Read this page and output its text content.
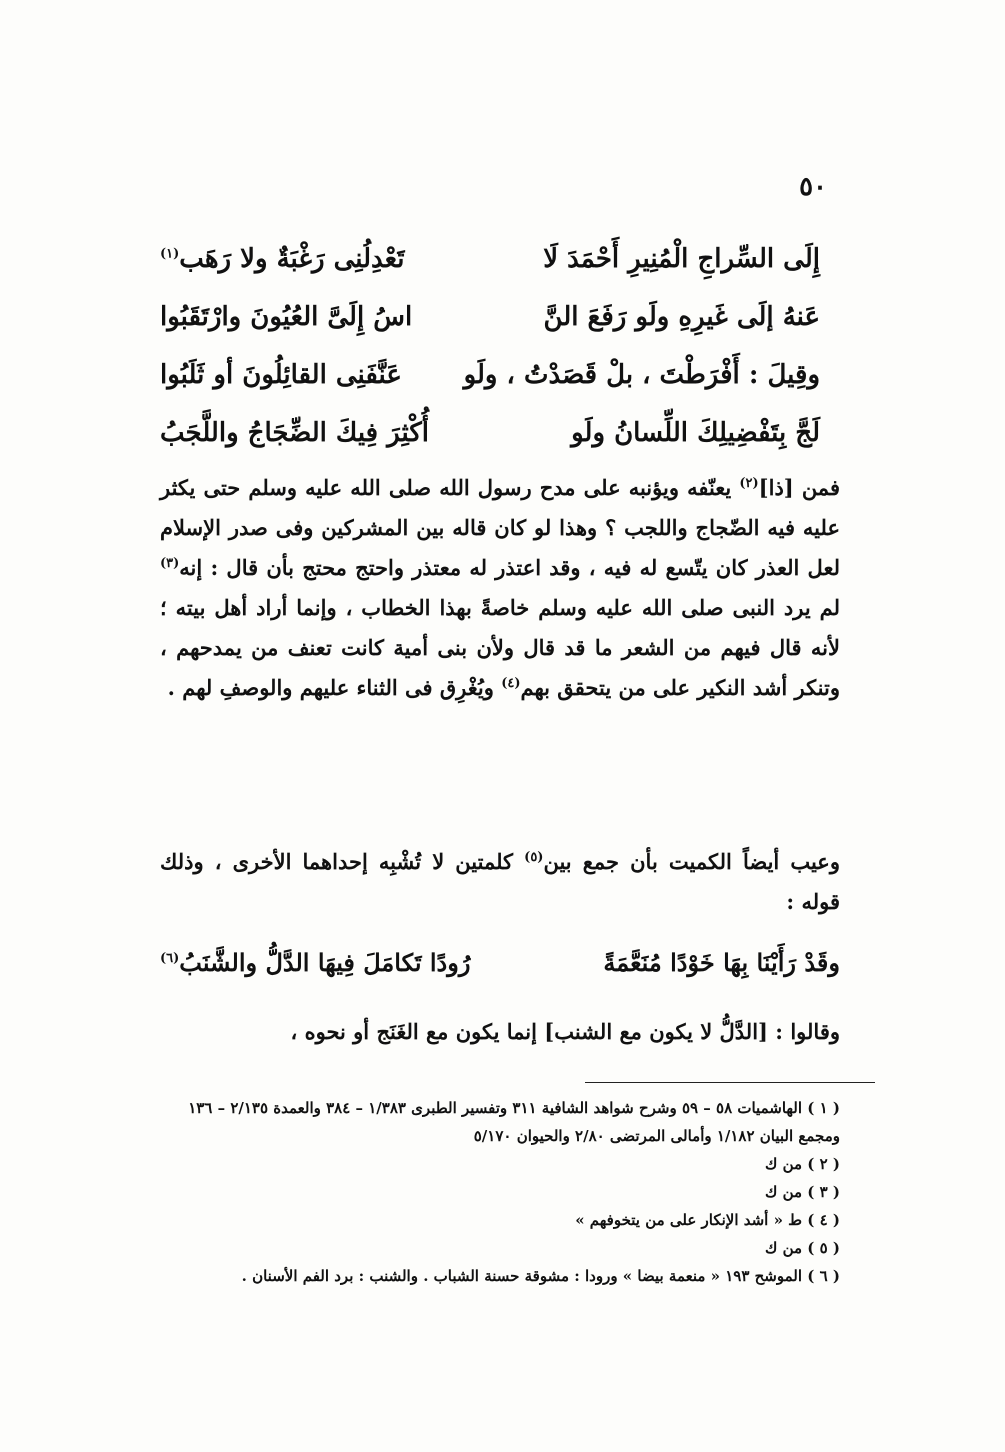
٥٠
إِلَى السِّراجِ الْمُنِيرِ أَحْمَدَ لَا
تَعْدِلُنِى رَغْبَةٌ ولا رَهَب$^{(١)}$
عَنهُ إلَى غَيرِهِ ولَو رَفَعَ النَّ
اسُ إِلَىَّ العُيُونَ وارْتَقَبُوا
وقِيلَ : أَفْرَطْتَ ، بلْ قَصَدْتُ ، ولَو
عَنَّفَنِى القائِلُونَ أو ثَلَبُوا
لَجَّ بِتَفْضِيلِكَ اللِّسانُ ولَو
أُكْثِرَ فِيكَ الضِّجَاجُ واللَّجَبُ

فمن [ذا]$^{(٢)}$ يعنّفه ويؤنبه على مدح رسول الله صلى الله عليه وسلم حتى يكثر عليه فيه الضّجاج واللجب ؟ وهذا لو كان قاله بين المشركين وفى صدر الإسلام لعل العذر كان يتّسع له فيه ، وقد اعتذر له معتذر واحتج محتج بأن قال : إنه$^{(٣)}$ لم يرد النبى صلى الله عليه وسلم خاصةً بهذا الخطاب ، وإنما أراد أهل بيته ؛ لأنه قال فيهم من الشعر ما قد قال ولأن بنى أمية كانت تعنف من يمدحهم ، وتنكر أشد النكير على من يتحقق بهم$^{(٤)}$ ويُغْرِق فى الثناء عليهم والوصفِ لهم .

وعيب أيضاً الكميت بأن جمع بين$^{(٥)}$ كلمتين لا تُشْبِه إحداهما الأخرى ، وذلك قوله :

وقَدْ رَأَيْنَا بِهَا خَوْدًا مُنَعَّمَةً
رُودًا تَكامَلَ فِيهَا الدَّلُّ والشَّنَبُ$^{(٦)}$

وقالوا : [الدَّلُّ لا يكون مع الشنب] إنما يكون مع الغَنَج أو نحوه ،

( ١ ) الهاشميات ٥٨ – ٥٩ وشرح شواهد الشافية ٣١١ وتفسير الطبرى ١/٣٨٣ – ٣٨٤ والعمدة ٢/١٣٥ – ١٣٦ ومجمع البيان ١/١٨٢ وأمالى المرتضى ٢/٨٠ والحيوان ٥/١٧٠

( ٢ ) من ك

( ٣ ) من ك

( ٤ ) ط « أشد الإنكار على من يتخوفهم »

( ٥ ) من ك

( ٦ ) الموشح ١٩٣ « منعمة بيضا » ورودا : مشوقة حسنة الشباب . والشنب : برد الفم الأسنان .
